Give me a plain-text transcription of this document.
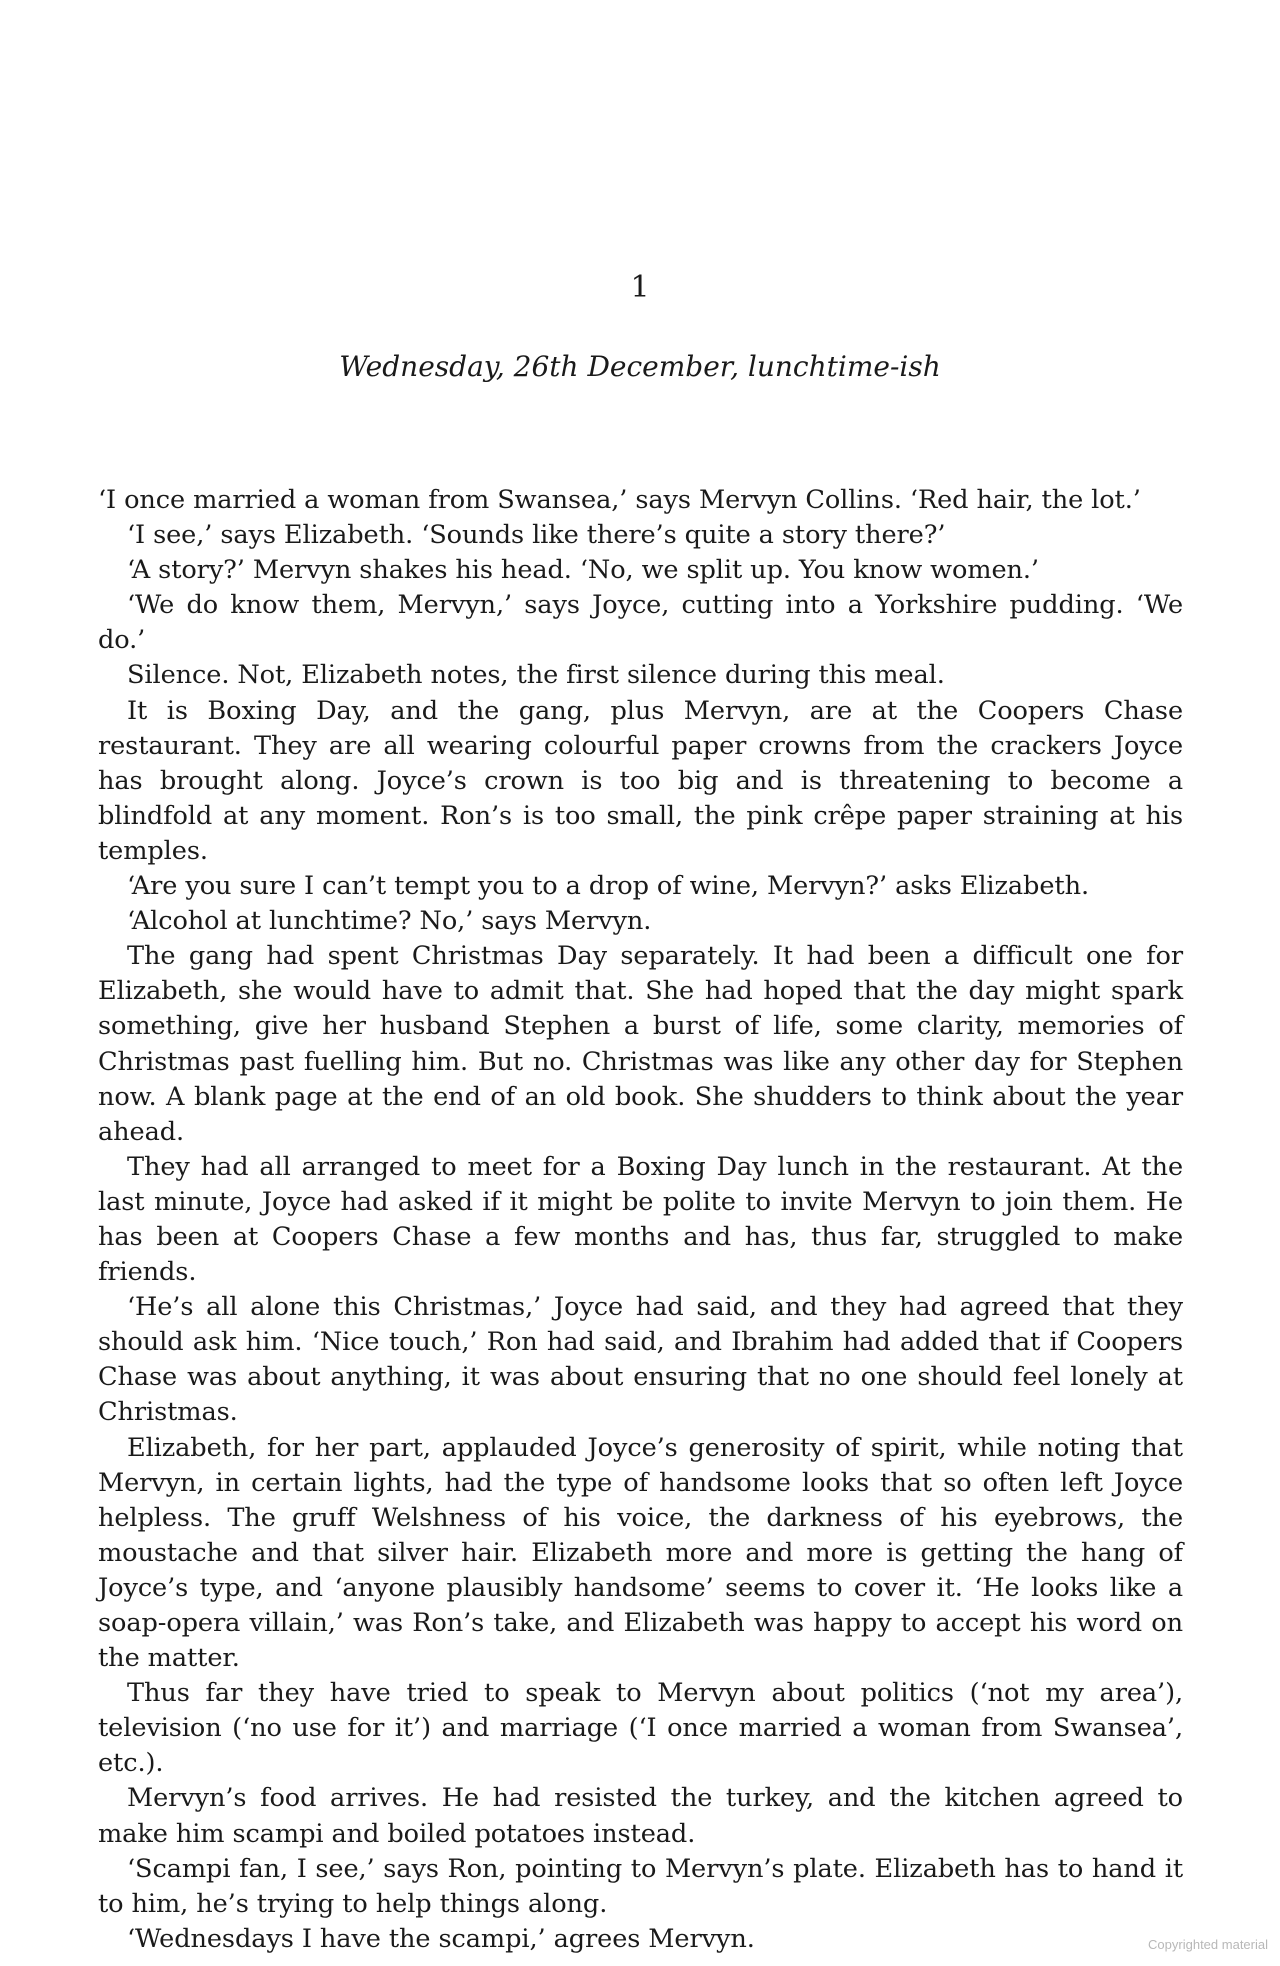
1
Wednesday, 26th December, lunchtime-ish

‘I once married a woman from Swansea,’ says Mervyn Collins. ‘Red hair, the lot.’

‘I see,’ says Elizabeth. ‘Sounds like there’s quite a story there?’

‘A story?’ Mervyn shakes his head. ‘No, we split up. You know women.’

‘We do know them, Mervyn,’ says Joyce, cutting into a Yorkshire pudding. ‘We do.’

Silence. Not, Elizabeth notes, the first silence during this meal.

It is Boxing Day, and the gang, plus Mervyn, are at the Coopers Chase restaurant. They are all wearing colourful paper crowns from the crackers Joyce has brought along. Joyce’s crown is too big and is threatening to become a blindfold at any moment. Ron’s is too small, the pink crêpe paper straining at his temples.

‘Are you sure I can’t tempt you to a drop of wine, Mervyn?’ asks Elizabeth.

‘Alcohol at lunchtime? No,’ says Mervyn.

The gang had spent Christmas Day separately. It had been a difficult one for Elizabeth, she would have to admit that. She had hoped that the day might spark something, give her husband Stephen a burst of life, some clarity, memories of Christmas past fuelling him. But no. Christmas was like any other day for Stephen now. A blank page at the end of an old book. She shudders to think about the year ahead.

They had all arranged to meet for a Boxing Day lunch in the restaurant. At the last minute, Joyce had asked if it might be polite to invite Mervyn to join them. He has been at Coopers Chase a few months and has, thus far, struggled to make friends.

‘He’s all alone this Christmas,’ Joyce had said, and they had agreed that they should ask him. ‘Nice touch,’ Ron had said, and Ibrahim had added that if Coopers Chase was about anything, it was about ensuring that no one should feel lonely at Christmas.

Elizabeth, for her part, applauded Joyce’s generosity of spirit, while noting that Mervyn, in certain lights, had the type of handsome looks that so often left Joyce helpless. The gruff Welshness of his voice, the darkness of his eyebrows, the moustache and that silver hair. Elizabeth more and more is getting the hang of Joyce’s type, and ‘anyone plausibly handsome’ seems to cover it. ‘He looks like a soap-opera villain,’ was Ron’s take, and Elizabeth was happy to accept his word on the matter.

Thus far they have tried to speak to Mervyn about politics (‘not my area’), television (‘no use for it’) and marriage (‘I once married a woman from Swansea’, etc.).

Mervyn’s food arrives. He had resisted the turkey, and the kitchen agreed to make him scampi and boiled potatoes instead.

‘Scampi fan, I see,’ says Ron, pointing to Mervyn’s plate. Elizabeth has to hand it to him, he’s trying to help things along.

‘Wednesdays I have the scampi,’ agrees Mervyn.	Copyrighted material
